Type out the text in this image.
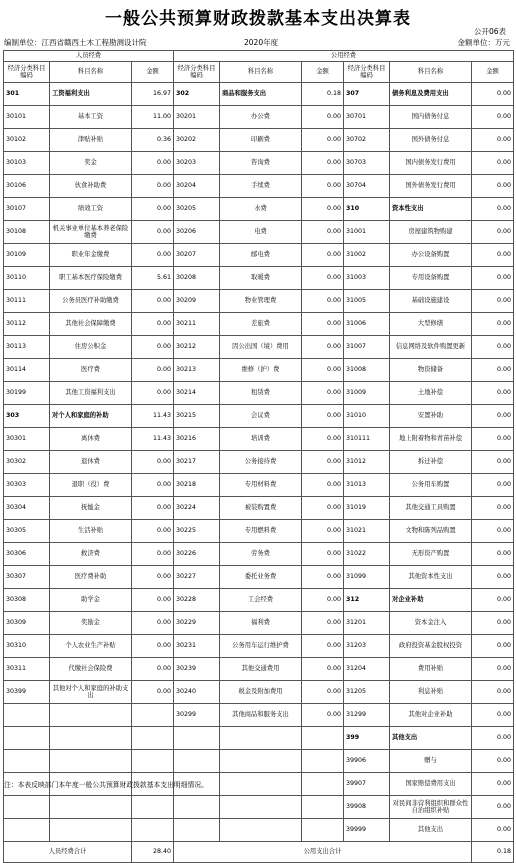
一般公共预算财政拨款基本支出决算表
公开06表
编制单位：江西省赣西土木工程勘测设计院	2020年度	金额单位：万元
人员经费			公用经费					
经济分类科目编码	科目名称	金额	经济分类科目编码	科目名称	金额	经济分类科目编码	科目名称	金额
301	工资福利支出	16.97	302	商品和服务支出	0.18	307	债务利息及费用支出	0.00
30101	基本工资	11.00	30201	办公费	0.00	30701	国内债务付息	0.00
30102	津贴补贴	0.36	30202	印刷费	0.00	30702	国外债务付息	0.00
30103	奖金	0.00	30203	咨询费	0.00	30703	国内债务发行费用	0.00
30106	伙食补助费	0.00	30204	手续费	0.00	30704	国外债务发行费用	0.00
30107	绩效工资	0.00	30205	水费	0.00	310	资本性支出	0.00
30108	机关事业单位基本养老保险缴费	0.00	30206	电费	0.00	31001	房屋建筑物购建	0.00
30109	职业年金缴费	0.00	30207	邮电费	0.00	31002	办公设备购置	0.00
30110	职工基本医疗保险缴费	5.61	30208	取暖费	0.00	31003	专用设备购置	0.00
30111	公务员医疗补助缴费	0.00	30209	物业管理费	0.00	31005	基础设施建设	0.00
30112	其他社会保障缴费	0.00	30211	差旅费	0.00	31006	大型修缮	0.00
30113	住房公积金	0.00	30212	因公出国（境）费用	0.00	31007	信息网络及软件购置更新	0.00
30114	医疗费	0.00	30213	维修（护）费	0.00	31008	物资储备	0.00
30199	其他工资福利支出	0.00	30214	租赁费	0.00	31009	土地补偿	0.00
303	对个人和家庭的补助	11.43	30215	会议费	0.00	31010	安置补助	0.00
30301	离休费	11.43	30216	培训费	0.00	310111	地上附着物和青苗补偿	0.00
30302	退休费	0.00	30217	公务接待费	0.00	31012	拆迁补偿	0.00
30303	退职（役）费	0.00	30218	专用材料费	0.00	31013	公务用车购置	0.00
30304	抚恤金	0.00	30224	被装购置费	0.00	31019	其他交通工具购置	0.00
30305	生活补贴	0.00	30225	专用燃料费	0.00	31021	文物和陈列品购置	0.00
30306	救济费	0.00	30226	劳务费	0.00	31022	无形资产购置	0.00
30307	医疗费补助	0.00	30227	委托业务费	0.00	31099	其他资本性支出	0.00
30308	助学金	0.00	30228	工会经费	0.00	312	对企业补助	0.00
30309	奖励金	0.00	30229	福利费	0.00	31201	资本金注入	0.00
30310	个人农业生产补贴	0.00	30231	公务用车运行维护费	0.00	31203	政府投资基金股权投资	0.00
30311	代缴社会保险费	0.00	30239	其他交通费用	0.00	31204	费用补贴	0.00
30399	其他对个人和家庭的补助支出	0.00	30240	税金及附加费用	0.00	31205	利息补贴	0.00
			30299	其他商品和服务支出	0.00	31299	其他对企业补助	0.00
						399	其他支出	0.00
						39906	赠与	0.00
						39907	国家赔偿费用支出	0.00
						39908	对民间非营利组织和群众性自治组织补贴	0.00
						39999	其他支出	0.00
人员经费合计		28.40	公用支出合计					0.18
注：本表反映部门本年度一般公共预算财政拨款基本支出明细情况。
